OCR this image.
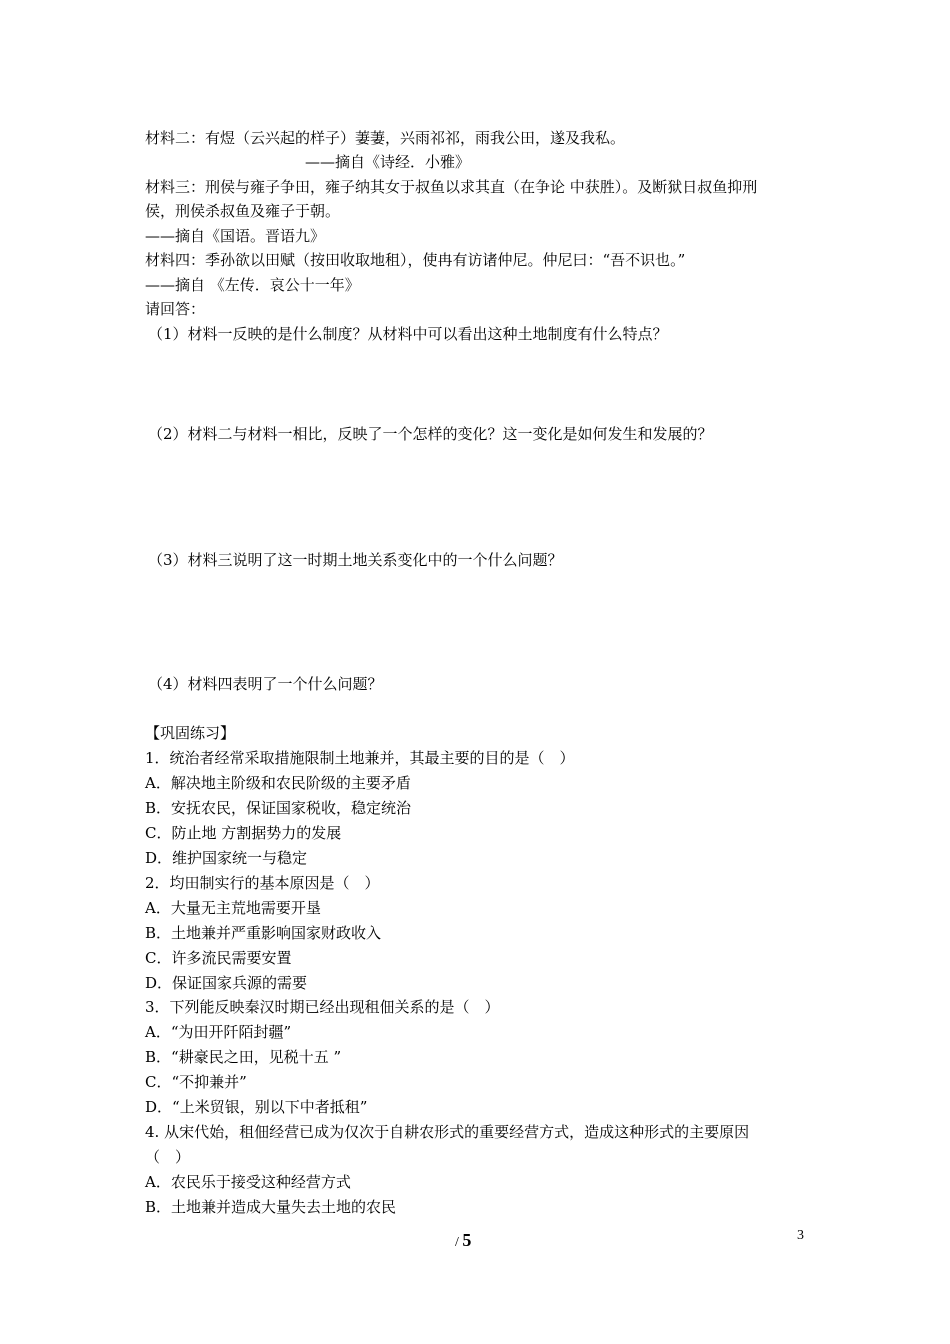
材料二：有煜（云兴起的样子）萋萋，兴雨祁祁，雨我公田，遂及我私。
——摘自《诗经．小雅》
材料三：刑侯与雍子争田，雍子纳其女于叔鱼以求其直（在争论 中获胜）。及断狱日叔鱼抑刑
侯，刑侯杀叔鱼及雍子于朝。
——摘自《国语。晋语九》
材料四：季孙欲以田赋（按田收取地租），使冉有访诸仲尼。仲尼曰：“吾不识也。”
——摘自 《左传．哀公十一年》
请回答：
（1）材料一反映的是什么制度？从材料中可以看出这种土地制度有什么特点？
（2）材料二与材料一相比，反映了一个怎样的变化？这一变化是如何发生和发展的？
（3）材料三说明了这一时期土地关系变化中的一个什么问题？
（4）材料四表明了一个什么问题？
【巩固练习】
1．统治者经常采取措施限制土地兼并，其最主要的目的是（　）
A．解决地主阶级和农民阶级的主要矛盾
B．安抚农民，保证国家税收，稳定统治
C．防止地 方割据势力的发展
D．维护国家统一与稳定
2．均田制实行的基本原因是（　）
A．大量无主荒地需要开垦
B．土地兼并严重影响国家财政收入
C．许多流民需要安置
D．保证国家兵源的需要
3．下列能反映秦汉时期已经出现租佃关系的是（　）
A．“为田开阡陌封疆”
B．“耕豪民之田，见税十五 ”
C．“不抑兼并”
D．“上米贸银，别以下中者抵租”
4. 从宋代始，租佃经营已成为仅次于自耕农形式的重要经营方式，造成这种形式的主要原因
（　）
A．农民乐于接受这种经营方式
B．土地兼并造成大量失去土地的农民
/ 5	3
